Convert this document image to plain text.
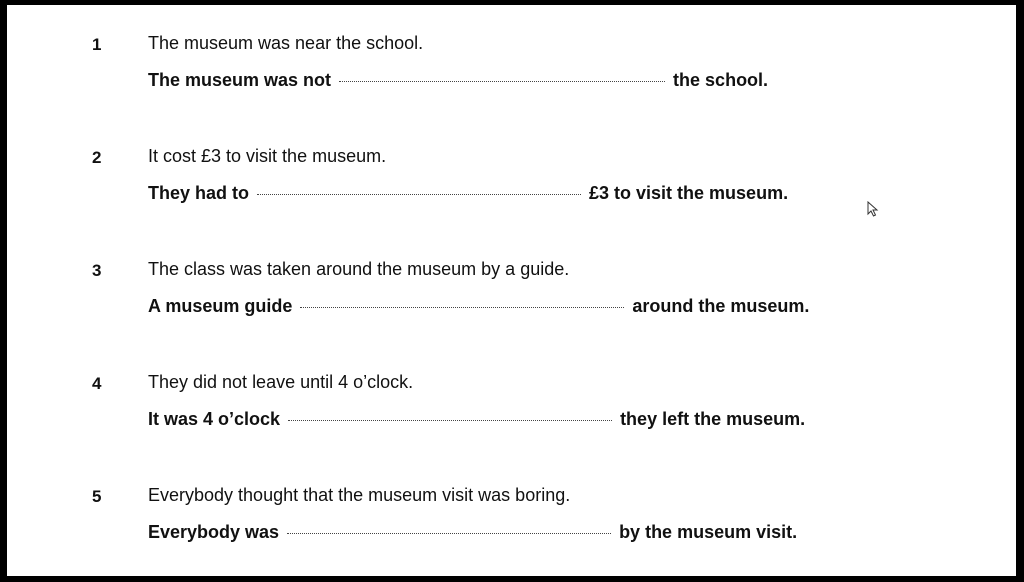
1	The museum was near the school.
The museum was not	the school.
2	It cost £3 to visit the museum.
They had to	£3 to visit the museum.
3	The class was taken around the museum by a guide.
A museum guide	around the museum.
4	They did not leave until 4 o’clock.
It was 4 o’clock	they left the museum.
5	Everybody thought that the museum visit was boring.
Everybody was	by the museum visit.
